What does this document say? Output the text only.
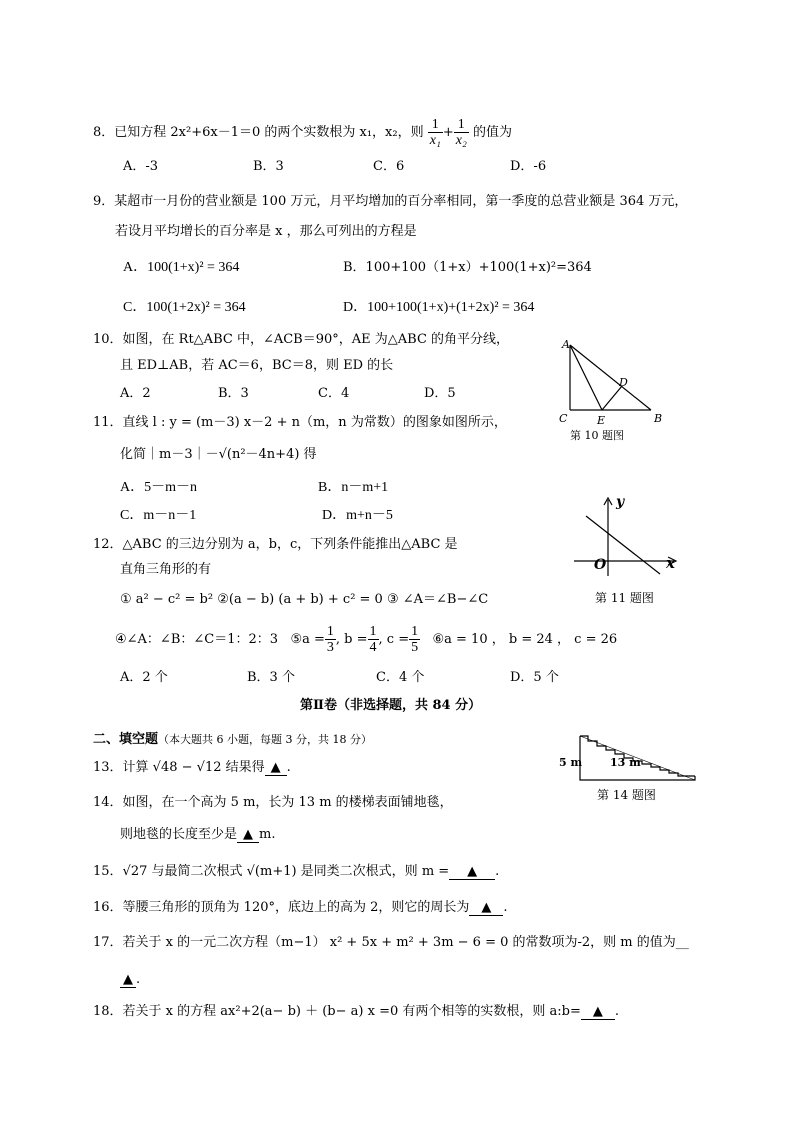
8．已知方程 2x²+6x－1＝0 的两个实数根为 x₁，x₂，则 $\frac{1}{\text{x₁}} + \frac{1}{\text{x₂}}$ 的值为
A．-3	B．3	C．6	D．-6
9．某超市一月份的营业额是 100 万元，月平均增加的百分率相同，第一季度的总营业额是 364 万元，
若设月平均增长的百分率是 x ，那么可列出的方程是
A．100(1+x)² = 364	B．100+100（1+x）+100(1+x)²=364
C．100(1+2x)² = 364	D．100+100(1+x)+(1+2x)² = 364
10．如图，在 Rt△ABC 中，∠ACB＝90°，AE 为△ABC 的角平分线，
且 ED⊥AB，若 AC＝6，BC＝8，则 ED 的长
A．2	B．3	C．4	D．5
A
C	E	B
D
第 10 题图
11．直线 l : y = (m－3) x－2 + n（m，n 为常数）的图象如图所示，
化简｜m－3｜－√(n²－4n+4) 得
A．5－m－n	B．n－m+1
C．m－n－1	D．m+n－5
y
x
O
第 11 题图
12．△ABC 的三边分别为 a，b，c，下列条件能推出△ABC 是
直角三角形的有
① a² − c² = b² ②(a − b) (a + b) + c² = 0 ③ ∠A＝∠B−∠C
④∠A：∠B：∠C＝1：2：3 ⑤a = $\frac{1}{3}$ , $b = \frac{1}{4}$ , $c = \frac{1}{5}$ ⑥a = 10 ， b = 24 ， c = 26
A．2 个	B．3 个	C．4 个	D．5 个
第Ⅱ卷（非选择题，共 84 分）
二、填空题（本大题共 6 小题，每题 3 分，共 18 分）
13．计算 √48 − √12 结果得 ▲ .
14．如图，在一个高为 5 m，长为 13 m 的楼梯表面铺地毯，
则地毯的长度至少是 ▲ m.
5 m	13 m
第 14 题图
15．√27 与最简二次根式 √(m+1) 是同类二次根式，则 m = ▲ .
16．等腰三角形的顶角为 120°，底边上的高为 2，则它的周长为 ▲ .
17．若关于 x 的一元二次方程（m−1） x² + 5x + m² + 3m − 6 = 0 的常数项为-2，则 m 的值为__
▲ .
18．若关于 x 的方程 ax²+2(a− b) ＋ (b− a) x =0 有两个相等的实数根，则 a:b= ▲ .
